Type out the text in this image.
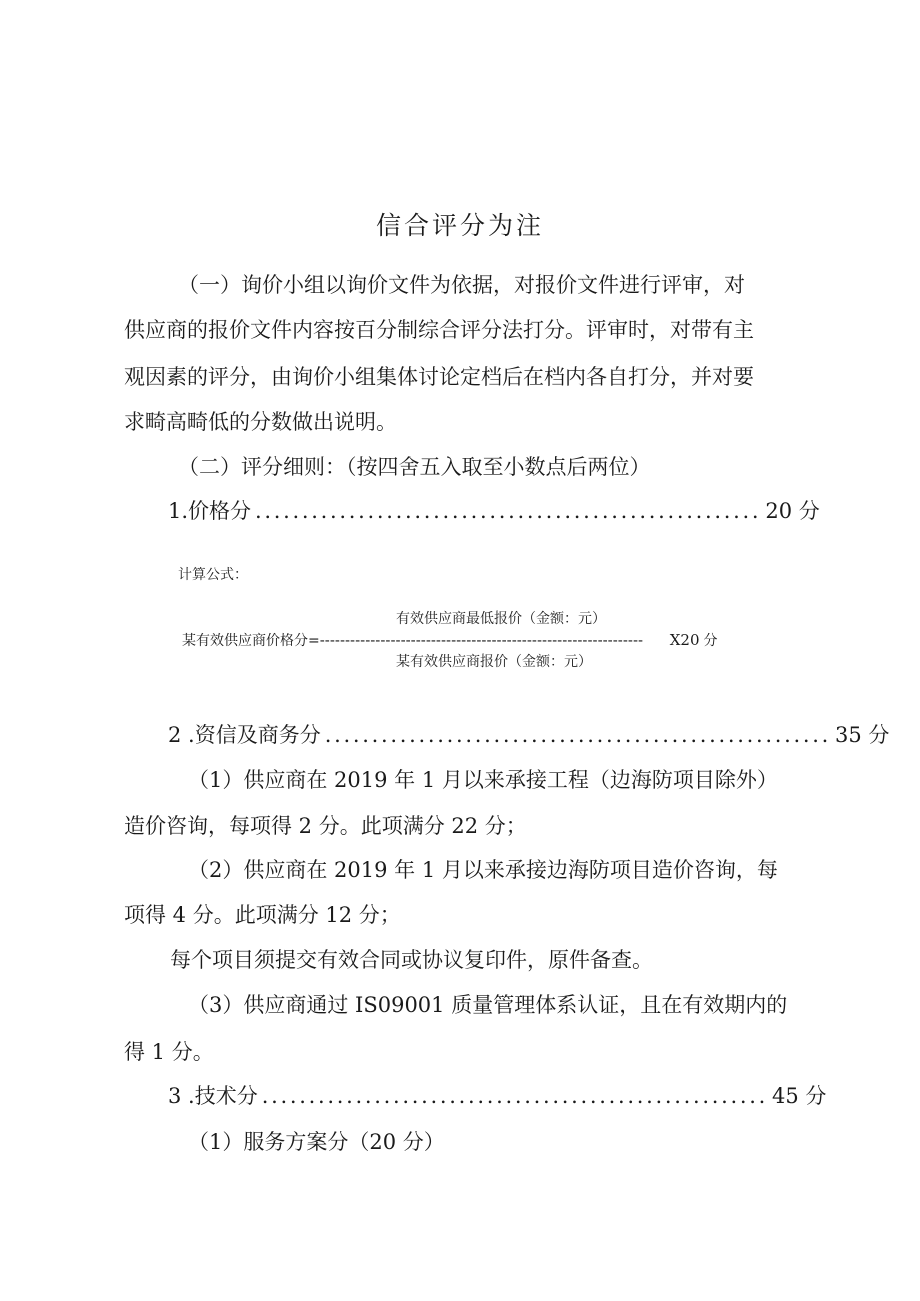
信合评分为注
（一）询价小组以询价文件为依据，对报价文件进行评审，对
供应商的报价文件内容按百分制综合评分法打分。评审时，对带有主
观因素的评分，由询价小组集体讨论定档后在档内各自打分，并对要
求畸高畸低的分数做出说明。
（二）评分细则：（按四舍五入取至小数点后两位）
1.价格分 ...................................................... 20 分
计算公式：
有效供应商最低报价（金额：元）
某有效供应商价格分=---------------------------------------------------------------- X20 分
某有效供应商报价（金额：元）
2 .资信及商务分 ...................................................... 35 分
（1）供应商在 2019 年 1 月以来承接工程（边海防项目除外）
造价咨询，每项得 2 分。此项满分 22 分；
（2）供应商在 2019 年 1 月以来承接边海防项目造价咨询，每
项得 4 分。此项满分 12 分；
每个项目须提交有效合同或协议复印件，原件备查。
（3）供应商通过 IS09001 质量管理体系认证，且在有效期内的
得 1 分。
3 .技术分 ...................................................... 45 分
（1）服务方案分（20 分）
